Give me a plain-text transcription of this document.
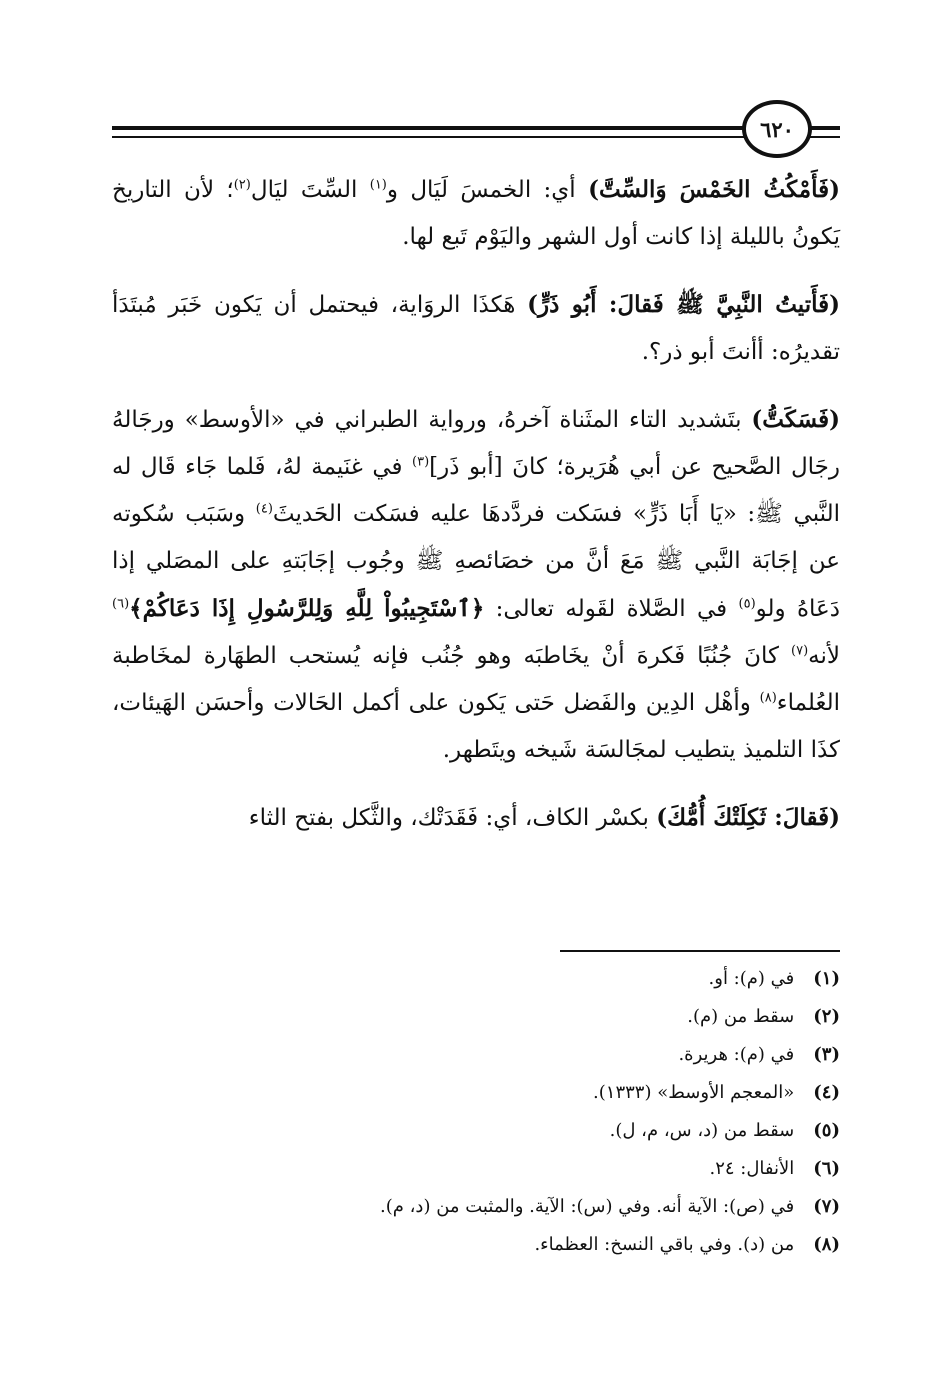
٦٢٠

(فَأَمْكُثُ الخَمْسَ وَالسِّتَّ) أي: الخمسَ لَيَال و$^{(١)}$ السِّتَ ليَال$^{(٢)}$؛ لأن التاريخ يَكونُ بالليلة إذا كانت أول الشهر واليَوْم تَبع لها.

(فَأَتيتُ النَّبِيَّ ﷺ فَقالَ: أَبُو ذَرٍّ) هَكذَا الروَاية، فيحتمل أن يَكون خَبَر مُبتَدَأ تقديرُه: أأنتَ أبو ذر؟.

(فَسَكَتُّ) بتَشديد التاء المثَناة آخرهُ، ورواية الطبراني في «الأوسط» ورجَالهُ رجَال الصَّحيح عن أبي هُرَيرة؛ كانَ [أبو ذَر]$^{(٣)}$ في غنَيمة لهُ، فَلما جَاء قَال له النَّبي ﷺ: «يَا أَبَا ذَرٍّ» فسَكت فردَّدهَا عليه فسَكت الحَديثَ$^{(٤)}$ وسَبَب سُكوته عن إجَابَة النَّبي ﷺ مَعَ أنَّ من خصَائصهِ ﷺ وجُوب إجَابَتهِ على المصَلي إذا دَعَاهُ ولو$^{(٥)}$ في الصَّلاة لقَوله تعالى: ﴿ٱسْتَجِيبُواْ لِلَّهِ وَلِلرَّسُولِ إِذَا دَعَاكُمْ﴾$^{(٦)}$ لأنه$^{(٧)}$ كانَ جُنُبًا فَكرهَ أنْ يخَاطبَه وهو جُنُب فإنه يُستحب الطهَارة لمخَاطبة العُلماء$^{(٨)}$ وأهْل الدِين والفَضل حَتى يَكون على أكمل الحَالات وأحسَن الهَيئات، كذَا التلميذ يتطيب لمجَالسَة شَيخه ويتَطهر.

(فَقالَ: ثَكِلَتْكَ أُمُّكَ) بكسْر الكاف، أي: فَقَدَتْك، والثَّكل بفتح الثاء

(١) في (م): أو.
(٢) سقط من (م).
(٣) في (م): هريرة.
(٤) «المعجم الأوسط» (١٣٣٣).
(٥) سقط من (د، س، م، ل).
(٦) الأنفال: ٢٤.
(٧) في (ص): الآية أنه. وفي (س): الآية. والمثبت من (د، م).
(٨) من (د). وفي باقي النسخ: العظماء.
